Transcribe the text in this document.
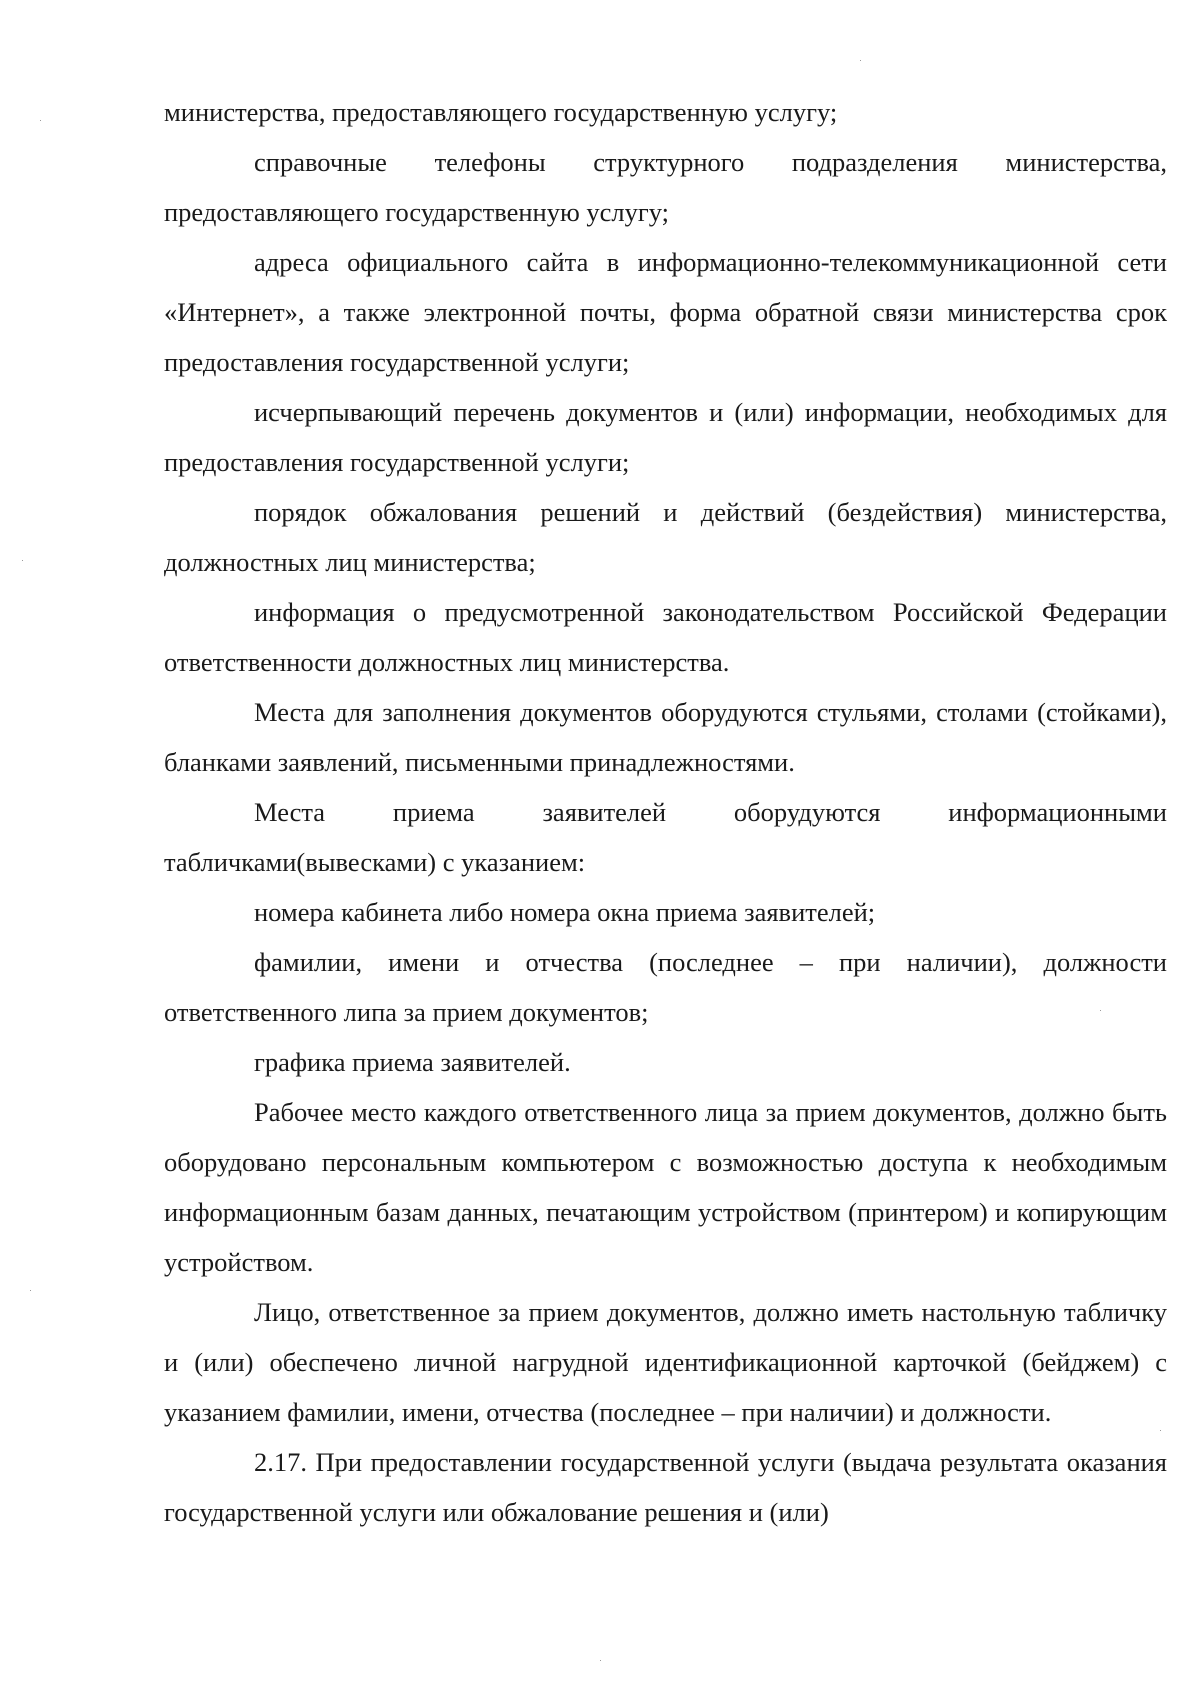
министерства, предоставляющего государственную услугу;

справочные телефоны структурного подразделения министерства, предоставляющего государственную услугу;

адреса официального сайта в информационно-телекоммуникационной сети «Интернет», а также электронной почты, форма обратной связи министерства срок предоставления государственной услуги;

исчерпывающий перечень документов и (или) информации, необходимых для предоставления государственной услуги;

порядок обжалования решений и действий (бездействия) министерства, должностных лиц министерства;

информация о предусмотренной законодательством Российской Федерации ответственности должностных лиц министерства.

Места для заполнения документов оборудуются стульями, столами (стойками), бланками заявлений, письменными принадлежностями.

Места приема заявителей оборудуются информационными табличками(вывесками) с указанием:

номера кабинета либо номера окна приема заявителей;

фамилии, имени и отчества (последнее – при наличии), должности ответственного липа за прием документов;

графика приема заявителей.

Рабочее место каждого ответственного лица за прием документов, должно быть оборудовано персональным компьютером с возможностью доступа к необходимым информационным базам данных, печатающим устройством (принтером) и копирующим устройством.

Лицо, ответственное за прием документов, должно иметь настольную табличку и (или) обеспечено личной нагрудной идентификационной карточкой (бейджем) с указанием фамилии, имени, отчества (последнее – при наличии) и должности.

2.17. При предоставлении государственной услуги (выдача результата оказания государственной услуги или обжалование решения и (или)
